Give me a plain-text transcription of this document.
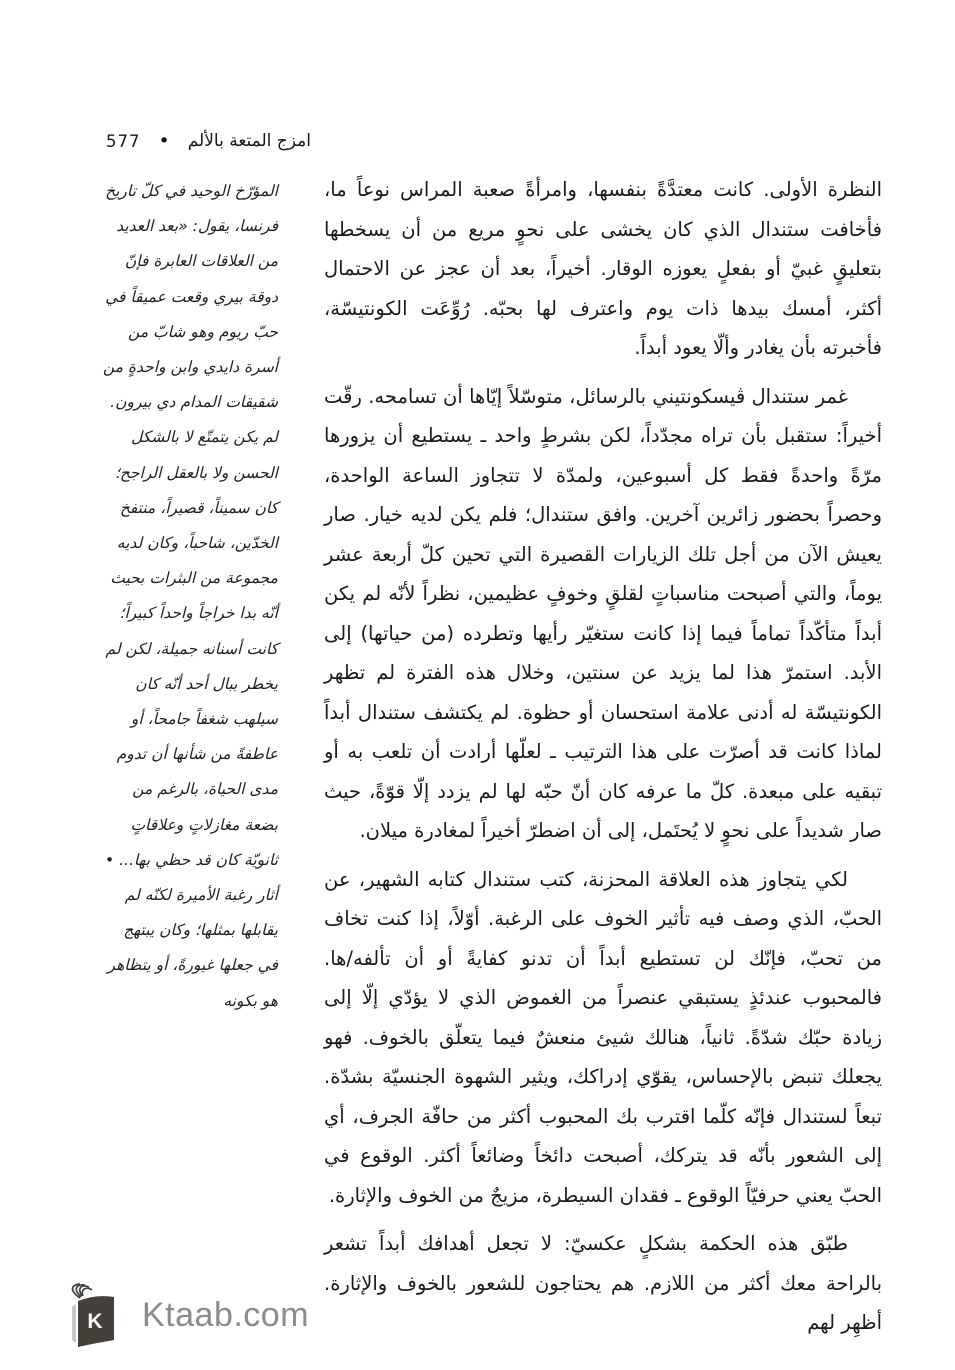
امزج المتعة بالألم
•
577

النظرة الأولى. كانت معتدَّةً بنفسها، وامرأةً صعبة المراس نوعاً ما، فأخافت ستندال الذي كان يخشى على نحوٍ مريع من أن يسخطها بتعليقٍ غبيّ أو بفعلٍ يعوزه الوقار. أخيراً، بعد أن عجز عن الاحتمال أكثر، أمسك بيدها ذات يوم واعترف لها بحبّه. رُوِّعَت الكونتيسّة، فأخبرته بأن يغادر وألّا يعود أبداً.

غمر ستندال ڤيسكونتيني بالرسائل، متوسّلاً إيّاها أن تسامحه. رقّت أخيراً: ستقبل بأن تراه مجدّداً، لكن بشرطٍ واحد ـ يستطيع أن يزورها مرّةً واحدةً فقط كل أسبوعين، ولمدّة لا تتجاوز الساعة الواحدة، وحصراً بحضور زائرين آخرين. وافق ستندال؛ فلم يكن لديه خيار. صار يعيش الآن من أجل تلك الزيارات القصيرة التي تحين كلّ أربعة عشر يوماً، والتي أصبحت مناسباتٍ لقلقٍ وخوفٍ عظيمين، نظراً لأنّه لم يكن أبداً متأكّداً تماماً فيما إذا كانت ستغيّر رأيها وتطرده (من حياتها) إلى الأبد. استمرّ هذا لما يزيد عن سنتين، وخلال هذه الفترة لم تظهر الكونتيسّة له أدنى علامة استحسان أو حظوة. لم يكتشف ستندال أبداً لماذا كانت قد أصرّت على هذا الترتيب ـ لعلّها أرادت أن تلعب به أو تبقيه على مبعدة. كلّ ما عرفه كان أنّ حبّه لها لم يزدد إلّا قوّةً، حيث صار شديداً على نحوٍ لا يُحتَمل، إلى أن اضطرّ أخيراً لمغادرة ميلان.

لكي يتجاوز هذه العلاقة المحزنة، كتب ستندال كتابه الشهير، عن الحبّ، الذي وصف فيه تأثير الخوف على الرغبة. أوّلاً، إذا كنت تخاف من تحبّ، فإنّك لن تستطيع أبداً أن تدنو كفايةً أو أن تألفه/ها. فالمحبوب عندئذٍ يستبقي عنصراً من الغموض الذي لا يؤدّي إلّا إلى زيادة حبّك شدّةً. ثانياً، هنالك شيئ منعشٌ فيما يتعلّق بالخوف. فهو يجعلك تنبض بالإحساس، يقوّي إدراكك، ويثير الشهوة الجنسيّة بشدّة. تبعاً لستندال فإنّه كلّما اقترب بك المحبوب أكثر من حافّة الجرف، أي إلى الشعور بأنّه قد يتركك، أصبحت دائخاً وضائعاً أكثر. الوقوع في الحبّ يعني حرفيّاً الوقوع ـ فقدان السيطرة، مزيجٌ من الخوف والإثارة.

طبّق هذه الحكمة بشكلٍ عكسيّ: لا تجعل أهدافك أبداً تشعر بالراحة معك أكثر من اللازم. هم يحتاجون للشعور بالخوف والإثارة. أظهِر لهم

المؤرّخ الوحيد في كلّ تاريخ فرنسا، يقول: «بعد العديد من العلاقات العابرة فإنّ دوقة بيري وقعت عميقاً في حبّ ريوم وهو شابّ من أسرة دايدي وابن واحدةٍ من شقيقات المدام دي بيرون. لم يكن يتمتّع لا بالشكل الحسن ولا بالعقل الراجح؛ كان سميناً، قصيراً، منتفخ الخدّين، شاحباً، وكان لديه مجموعة من البثرات بحيث أنّه بدا خراجاً واحداً كبيراً؛ كانت أسنانه جميلة، لكن لم يخطر ببال أحد أنّه كان سيلهب شغفاً جامحاً، أو عاطفةً من شأنها أن تدوم مدى الحياة، بالرغم من بضعة مغازلاتٍ وعلاقاتٍ ثانويّة كان قد حظي بها... •

أثار رغبة الأميرة لكنّه لم يقابلها بمثلها؛ وكان يبتهج في جعلها غيورةً، أو يتظاهر هو بكونه

K Ktaab.com
